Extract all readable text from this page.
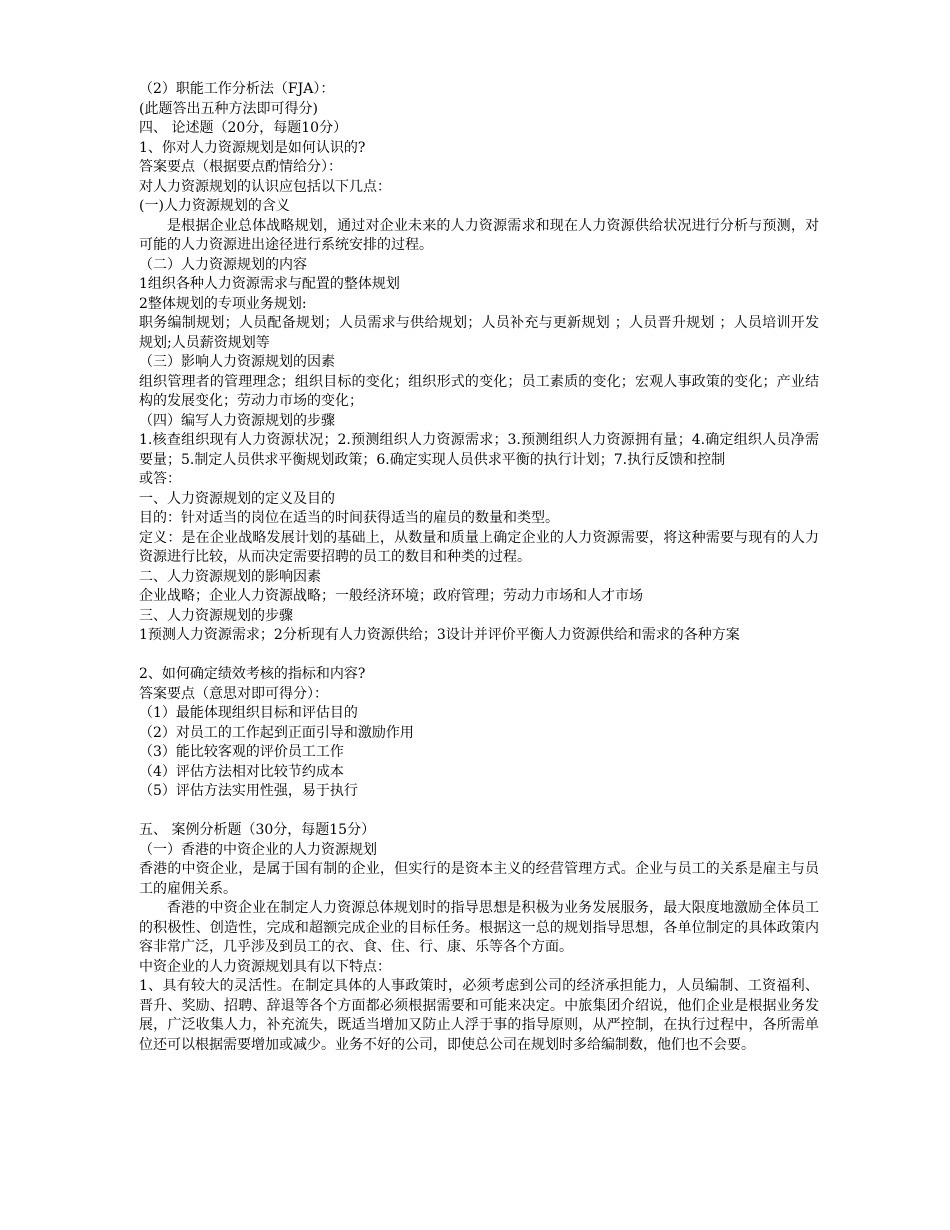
（2）职能工作分析法（FJA）：

(此题答出五种方法即可得分)

四、 论述题（20分，每题10分）

1、你对人力资源规划是如何认识的?

答案要点（根据要点酌情给分）：

对人力资源规划的认识应包括以下几点：

(一)人力资源规划的含义

是根据企业总体战略规划，通过对企业未来的人力资源需求和现在人力资源供给状况进行分析与预测，对可能的人力资源进出途径进行系统安排的过程。

（二）人力资源规划的内容

1组织各种人力资源需求与配置的整体规划

2整体规划的专项业务规划:

职务编制规划；人员配备规划；人员需求与供给规划；人员补充与更新规划 ；人员晋升规划 ；人员培训开发规划;人员薪资规划等

（三）影响人力资源规划的因素

组织管理者的管理理念；组织目标的变化；组织形式的变化；员工素质的变化；宏观人事政策的变化；产业结构的发展变化；劳动力市场的变化；

（四）编写人力资源规划的步骤

1.核查组织现有人力资源状况；2.预测组织人力资源需求；3.预测组织人力资源拥有量；4.确定组织人员净需要量；5.制定人员供求平衡规划政策；6.确定实现人员供求平衡的执行计划；7.执行反馈和控制

或答：

一、人力资源规划的定义及目的

目的：针对适当的岗位在适当的时间获得适当的雇员的数量和类型。

定义：是在企业战略发展计划的基础上，从数量和质量上确定企业的人力资源需要，将这种需要与现有的人力资源进行比较，从而决定需要招聘的员工的数目和种类的过程。

二、人力资源规划的影响因素

企业战略；企业人力资源战略；一般经济环境；政府管理；劳动力市场和人才市场

三、人力资源规划的步骤

1预测人力资源需求；2分析现有人力资源供给；3设计并评价平衡人力资源供给和需求的各种方案

2、如何确定绩效考核的指标和内容?

答案要点（意思对即可得分）：

（1）最能体现组织目标和评估目的

（2）对员工的工作起到正面引导和激励作用

（3）能比较客观的评价员工工作

（4）评估方法相对比较节约成本

（5）评估方法实用性强，易于执行

五、 案例分析题（30分，每题15分）

（一）香港的中资企业的人力资源规划

香港的中资企业，是属于国有制的企业，但实行的是资本主义的经营管理方式。企业与员工的关系是雇主与员工的雇佣关系。

香港的中资企业在制定人力资源总体规划时的指导思想是积极为业务发展服务，最大限度地激励全体员工的积极性、创造性，完成和超额完成企业的目标任务。根据这一总的规划指导思想，各单位制定的具体政策内容非常广泛，几乎涉及到员工的衣、食、住、行、康、乐等各个方面。

中资企业的人力资源规划具有以下特点：

1、具有较大的灵活性。在制定具体的人事政策时，必须考虑到公司的经济承担能力，人员编制、工资福利、晋升、奖励、招聘、辞退等各个方面都必须根据需要和可能来决定。中旅集团介绍说，他们企业是根据业务发展，广泛收集人力，补充流失，既适当增加又防止人浮于事的指导原则，从严控制，在执行过程中，各所需单位还可以根据需要增加或减少。业务不好的公司，即使总公司在规划时多给编制数，他们也不会要。
